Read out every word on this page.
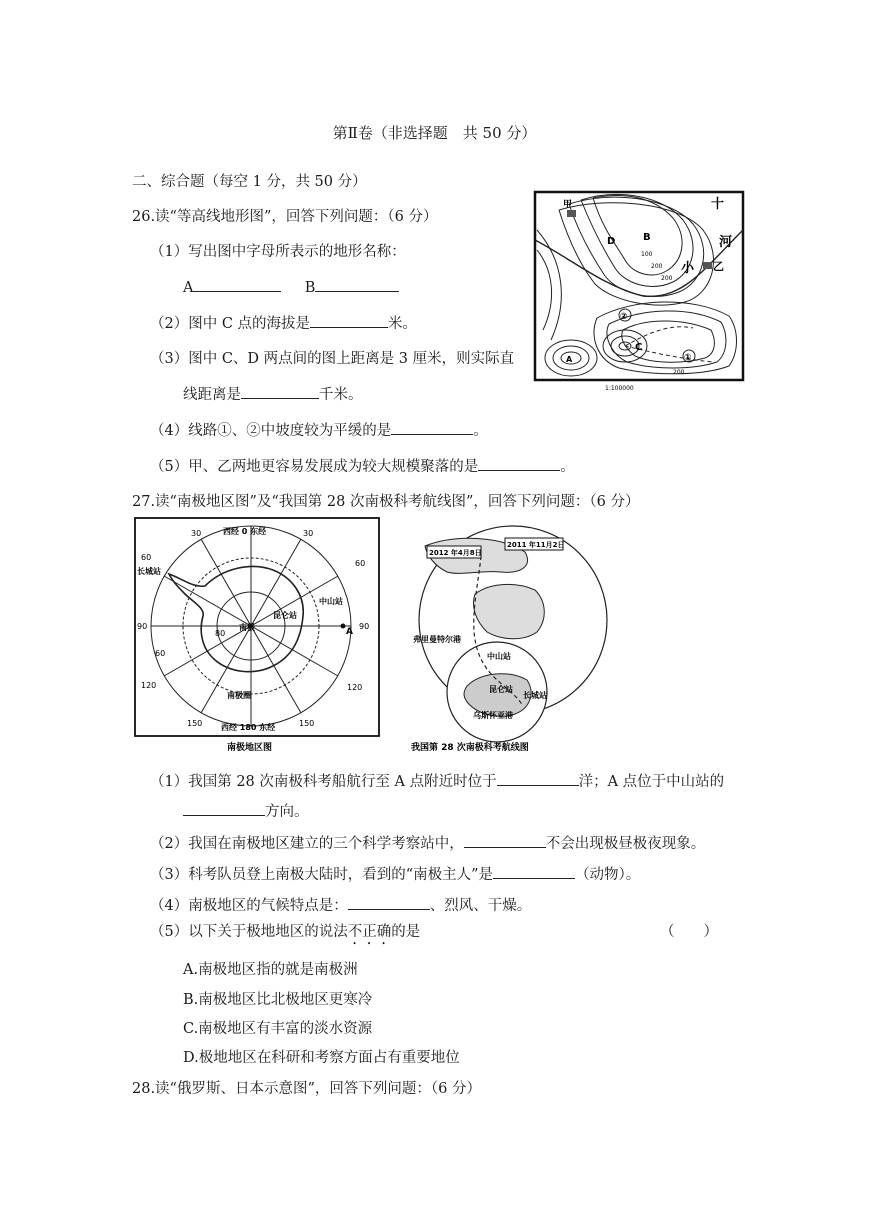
第Ⅱ卷（非选择题　共 50 分）
二、综合题（每空 1 分，共 50 分）
26.读“等高线地形图”，回答下列问题：（6 分）
（1）写出图中字母所表示的地形名称：
A	B
（2）图中 C 点的海拔是	米。
（3）图中 C、D 两点间的图上距离是 3 厘米，则实际直
线距离是	千米。
（4）线路①、②中坡度较为平缓的是	。
（5）甲、乙两地更容易发展成为较大规模聚落的是	。
甲
乙
十
河
小
A
B
C
D
①
②
200
100
200
200
1:100000
27.读“南极地区图”及“我国第 28 次南极科考航线图”，回答下列问题：（6 分）
西经 0 东经
西经 180 东经
南极
昆仑站
中山站
长城站
南极圈
30	30
60
60
90	90
80
60
120	120
150	150
A
南极地区图
2012 年4月8日
2011 年11月2日
弗里曼特尔港
中山站
昆仑站
长城站
乌斯怀亚港
我国第 28 次南极科考航线图
（1）我国第 28 次南极科考船航行至 A 点附近时位于	洋；A 点位于中山站的
方向。
（2）我国在南极地区建立的三个科学考察站中，	不会出现极昼极夜现象。
（3）科考队员登上南极大陆时，看到的“南极主人”是	（动物）。
（4）南极地区的气候特点是：	、烈风、干燥。
（5）以下关于极地地区的说法不正确的是	（　　）
A.南极地区指的就是南极洲
B.南极地区比北极地区更寒冷
C.南极地区有丰富的淡水资源
D.极地地区在科研和考察方面占有重要地位
28.读“俄罗斯、日本示意图”，回答下列问题：（6 分）
